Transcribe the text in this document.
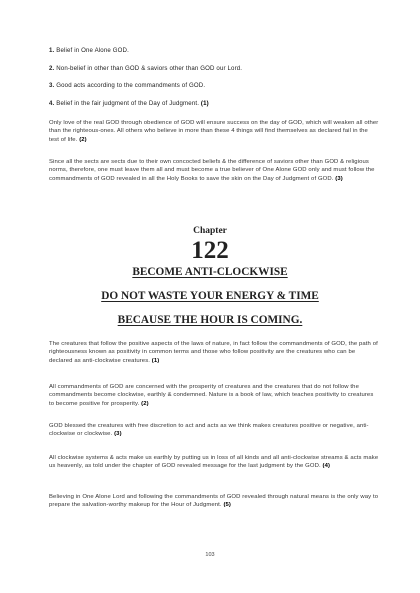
1. Belief in One Alone GOD.
2. Non-belief in other than GOD & saviors other than GOD our Lord.
3. Good acts according to the commandments of GOD.
4. Belief in the fair judgment of the Day of Judgment. (1)

Only love of the real GOD through obedience of GOD will ensure success on the day of GOD, which will weaken all other than the righteous-ones. All others who believe in more than these 4 things will find themselves as declared fail in the test of life. (2)

Since all the sects are sects due to their own concocted beliefs & the difference of saviors other than GOD & religious norms, therefore, one must leave them all and must become a true believer of One Alone GOD only and must follow the commandments of GOD revealed in all the Holy Books to save the skin on the Day of Judgment of GOD. (3)

Chapter
122
BECOME ANTI-CLOCKWISE
DO NOT WASTE YOUR ENERGY & TIME
BECAUSE THE HOUR IS COMING.

The creatures that follow the positive aspects of the laws of nature, in fact follow the commandments of GOD, the path of righteousness known as positivity in common terms and those who follow positivity are the creatures who can be declared as anti-clockwise creatures. (1)

All commandments of GOD are concerned with the prosperity of creatures and the creatures that do not follow the commandments become clockwise, earthly & condemned. Nature is a book of law, which teaches positivity to creatures to become positive for prosperity. (2)

GOD blessed the creatures with free discretion to act and acts as we think makes creatures positive or negative, anti-clockwise or clockwise. (3)

All clockwise systems & acts make us earthly by putting us in loss of all kinds and all anti-clockwise streams & acts make us heavenly, as told under the chapter of GOD revealed message for the last judgment by the GOD. (4)

Believing in One Alone Lord and following the commandments of GOD revealed through natural means is the only way to prepare the salvation-worthy makeup for the Hour of Judgment. (5)

103
